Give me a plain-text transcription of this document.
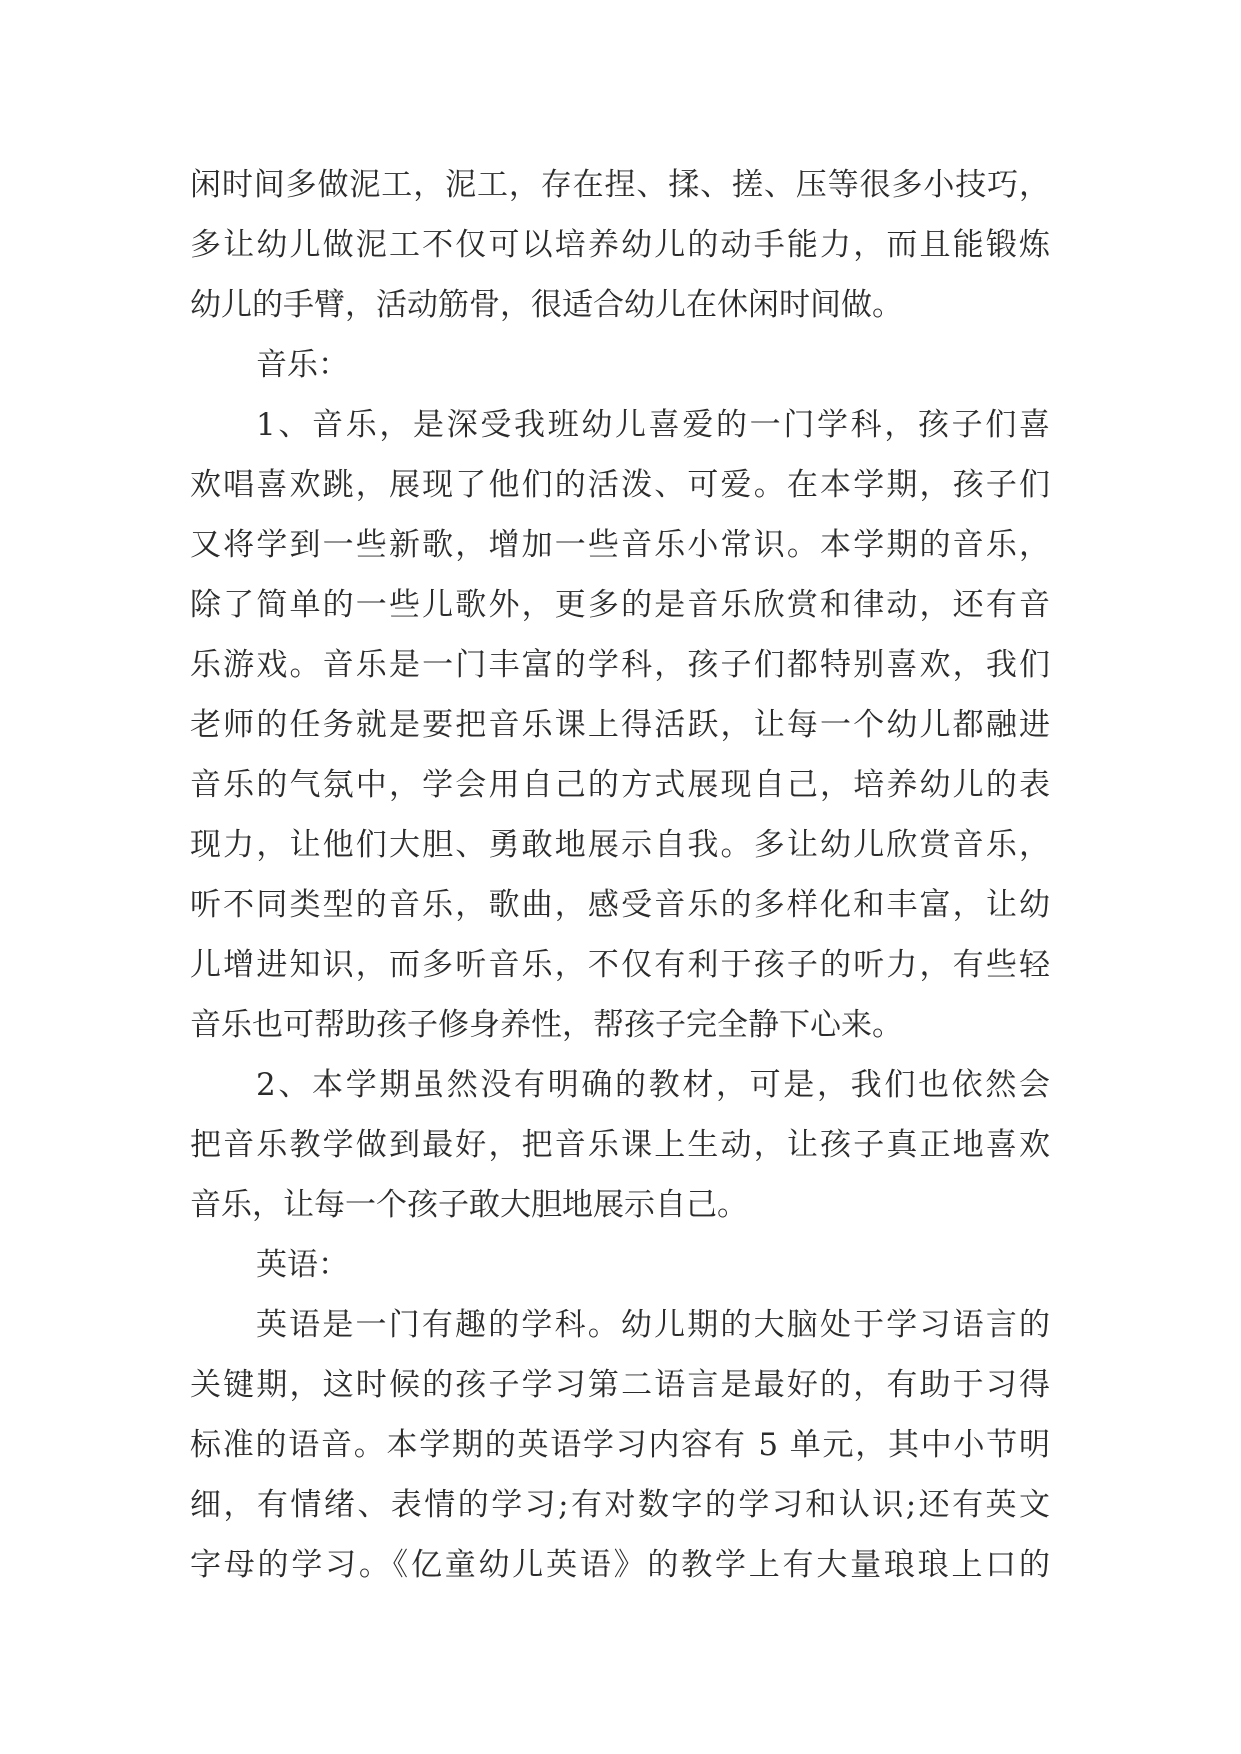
闲时间多做泥工，泥工，存在捏、揉、搓、压等很多小技巧，
多让幼儿做泥工不仅可以培养幼儿的动手能力，而且能锻炼
幼儿的手臂，活动筋骨，很适合幼儿在休闲时间做。
音乐：
1、音乐，是深受我班幼儿喜爱的一门学科，孩子们喜
欢唱喜欢跳，展现了他们的活泼、可爱。在本学期，孩子们
又将学到一些新歌，增加一些音乐小常识。本学期的音乐，
除了简单的一些儿歌外，更多的是音乐欣赏和律动，还有音
乐游戏。音乐是一门丰富的学科，孩子们都特别喜欢，我们
老师的任务就是要把音乐课上得活跃，让每一个幼儿都融进
音乐的气氛中，学会用自己的方式展现自己，培养幼儿的表
现力，让他们大胆、勇敢地展示自我。多让幼儿欣赏音乐，
听不同类型的音乐，歌曲，感受音乐的多样化和丰富，让幼
儿增进知识，而多听音乐，不仅有利于孩子的听力，有些轻
音乐也可帮助孩子修身养性，帮孩子完全静下心来。
2、本学期虽然没有明确的教材，可是，我们也依然会
把音乐教学做到最好，把音乐课上生动，让孩子真正地喜欢
音乐，让每一个孩子敢大胆地展示自己。
英语：
英语是一门有趣的学科。幼儿期的大脑处于学习语言的
关键期，这时候的孩子学习第二语言是最好的，有助于习得
标准的语音。本学期的英语学习内容有 5 单元，其中小节明
细，有情绪、表情的学习;有对数字的学习和认识;还有英文
字母的学习。《亿童幼儿英语》的教学上有大量琅琅上口的
